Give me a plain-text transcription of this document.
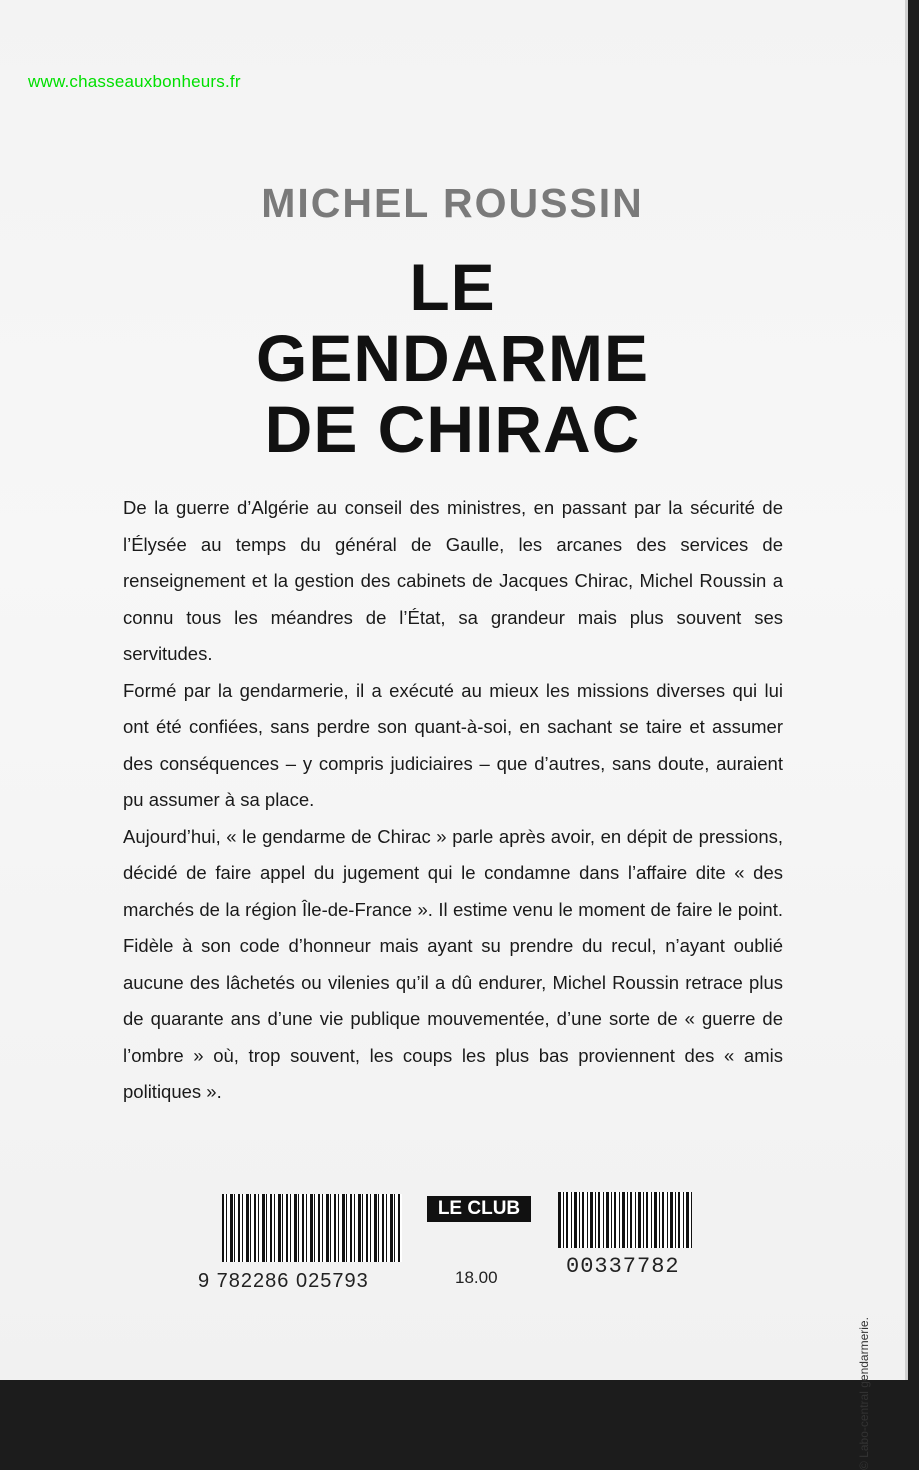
www.chasseauxbonheurs.fr
MICHEL ROUSSIN
LE
GENDARME
DE CHIRAC

De la guerre d’Algérie au conseil des ministres, en passant par la sécurité de l’Élysée au temps du général de Gaulle, les arcanes des services de renseignement et la gestion des cabinets de Jacques Chirac, Michel Roussin a connu tous les méandres de l’État, sa grandeur mais plus souvent ses servitudes.

Formé par la gendarmerie, il a exécuté au mieux les missions diverses qui lui ont été confiées, sans perdre son quant-à-soi, en sachant se taire et assumer des conséquences – y compris judiciaires – que d’autres, sans doute, auraient pu assumer à sa place.

Aujourd’hui, « le gendarme de Chirac » parle après avoir, en dépit de pressions, décidé de faire appel du jugement qui le condamne dans l’affaire dite « des marchés de la région Île-de-France ». Il estime venu le moment de faire le point. Fidèle à son code d’honneur mais ayant su prendre du recul, n’ayant oublié aucune des lâchetés ou vilenies qu’il a dû endurer, Michel Roussin retrace plus de quarante ans d’une vie publique mouvementée, d’une sorte de « guerre de l’ombre » où, trop souvent, les coups les plus bas proviennent des « amis politiques ».

9 782286 025793
LE CLUB
18.00	00337782
© Labo-central gendarmerie.
